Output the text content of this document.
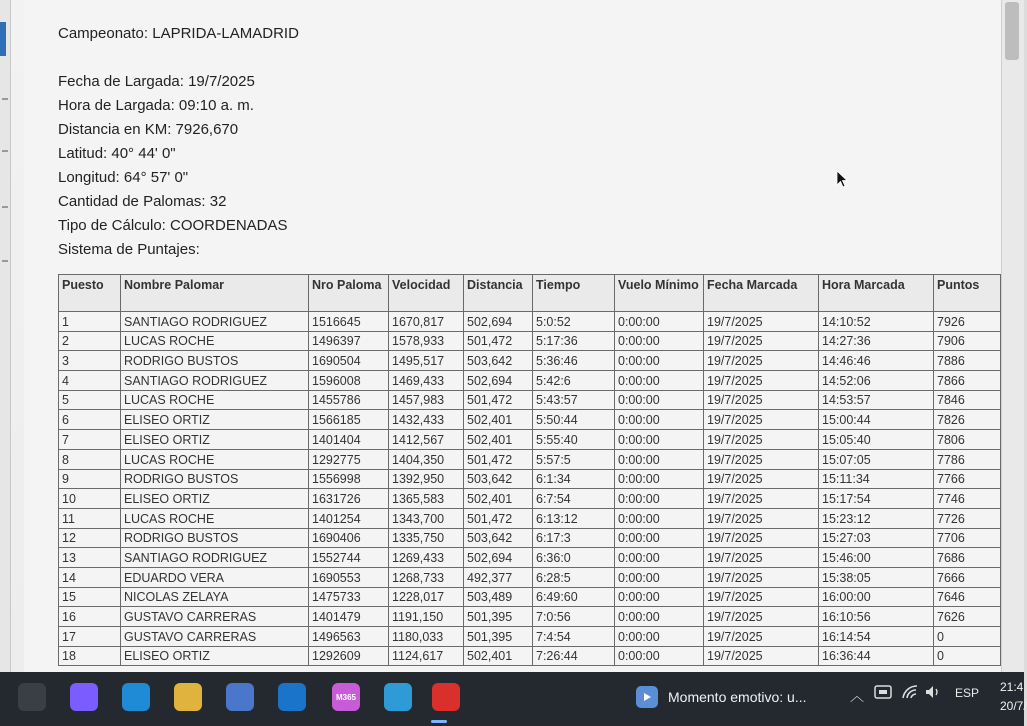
Campeonato: LAPRIDA-LAMADRID
Fecha de Largada: 19/7/2025
Hora de Largada: 09:10 a. m.
Distancia en KM: 7926,670
Latitud: 40° 44' 0"
Longitud: 64° 57' 0"
Cantidad de Palomas: 32
Tipo de Cálculo: COORDENADAS
Sistema de Puntajes:
Puesto	Nombre Palomar	Nro Paloma	Velocidad	Distancia	Tiempo	Vuelo Mínimo	Fecha Marcada	Hora Marcada	Puntos
1	SANTIAGO RODRIGUEZ	1516645	1670,817	502,694	5:0:52	0:00:00	19/7/2025	14:10:52	7926
2	LUCAS ROCHE	1496397	1578,933	501,472	5:17:36	0:00:00	19/7/2025	14:27:36	7906
3	RODRIGO BUSTOS	1690504	1495,517	503,642	5:36:46	0:00:00	19/7/2025	14:46:46	7886
4	SANTIAGO RODRIGUEZ	1596008	1469,433	502,694	5:42:6	0:00:00	19/7/2025	14:52:06	7866
5	LUCAS ROCHE	1455786	1457,983	501,472	5:43:57	0:00:00	19/7/2025	14:53:57	7846
6	ELISEO ORTIZ	1566185	1432,433	502,401	5:50:44	0:00:00	19/7/2025	15:00:44	7826
7	ELISEO ORTIZ	1401404	1412,567	502,401	5:55:40	0:00:00	19/7/2025	15:05:40	7806
8	LUCAS ROCHE	1292775	1404,350	501,472	5:57:5	0:00:00	19/7/2025	15:07:05	7786
9	RODRIGO BUSTOS	1556998	1392,950	503,642	6:1:34	0:00:00	19/7/2025	15:11:34	7766
10	ELISEO ORTIZ	1631726	1365,583	502,401	6:7:54	0:00:00	19/7/2025	15:17:54	7746
11	LUCAS ROCHE	1401254	1343,700	501,472	6:13:12	0:00:00	19/7/2025	15:23:12	7726
12	RODRIGO BUSTOS	1690406	1335,750	503,642	6:17:3	0:00:00	19/7/2025	15:27:03	7706
13	SANTIAGO RODRIGUEZ	1552744	1269,433	502,694	6:36:0	0:00:00	19/7/2025	15:46:00	7686
14	EDUARDO VERA	1690553	1268,733	492,377	6:28:5	0:00:00	19/7/2025	15:38:05	7666
15	NICOLAS ZELAYA	1475733	1228,017	503,489	6:49:60	0:00:00	19/7/2025	16:00:00	7646
16	GUSTAVO CARRERAS	1401479	1191,150	501,395	7:0:56	0:00:00	19/7/2025	16:10:56	7626
17	GUSTAVO CARRERAS	1496563	1180,033	501,395	7:4:54	0:00:00	19/7/2025	16:14:54	0
18	ELISEO ORTIZ	1292609	1124,617	502,401	7:26:44	0:00:00	19/7/2025	16:36:44	0
M365	Momento emotivo: u...	︿	ESP 21:4
20/7/
